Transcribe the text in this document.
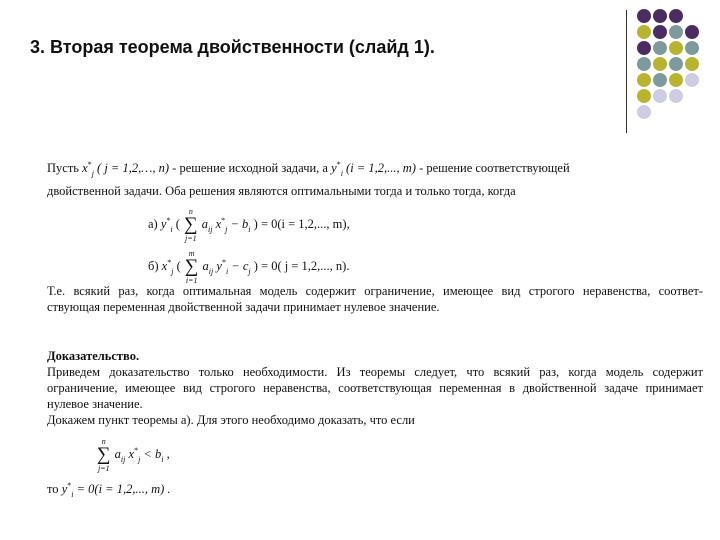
3. Вторая теорема двойственности (слайд 1).
Пусть $x^*_j$ ( j = 1,2,…, n) - решение исходной задачи, а $y^*_i$ (i = 1,2,..., m) - решение соответствующей
двойственной задачи. Оба решения являются оптимальными тогда и только тогда, когда
а) $y^*_i$ (
n
∑
j=1
$a_{ij}$ $x^*_j - b_i$ ) = 0(i = 1,2,..., m),
б) $x^*_j$ (
m
∑
i=1
$a_{ij}$ $y^*_i - c_j$ ) = 0( j = 1,2,..., n).
Т.е. всякий раз, когда оптимальная модель содержит ограничение, имеющее вид строгого неравенства, соответ-
ствующая переменная двойственной задачи принимает нулевое значение.
Доказательство.
Приведем доказательство только необходимости. Из теоремы следует, что всякий раз, когда модель содержит
ограничение, имеющее вид строгого неравенства, соответствующая переменная в двойственной задаче принимает
нулевое значение.
Докажем пункт теоремы а). Для этого необходимо доказать, что если
n
∑
j=1
$a_{ij}$ $x^*_j < b_i$ ,
то $y^*_i = 0(i = 1,2$,..., m) .
